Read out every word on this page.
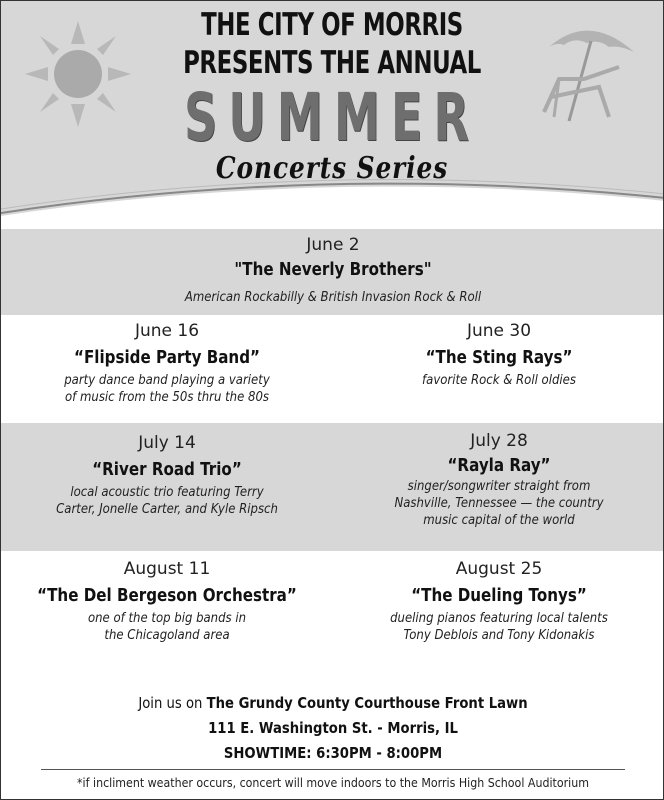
THE CITY OF MORRIS
PRESENTS THE ANNUAL
SUMMER
Concerts Series
June 2
"The Neverly Brothers"
American Rockabilly & British Invasion Rock & Roll
June 16
“Flipside Party Band”
party dance band playing a variety
of music from the 50s thru the 80s
June 30
“The Sting Rays”
favorite Rock & Roll oldies
July 14
“River Road Trio”
local acoustic trio featuring Terry
Carter, Jonelle Carter, and Kyle Ripsch
July 28
“Rayla Ray”
singer/songwriter straight from
Nashville, Tennessee — the country
music capital of the world
August 11
“The Del Bergeson Orchestra”
one of the top big bands in
the Chicagoland area
August 25
“The Dueling Tonys”
dueling pianos featuring local talents
Tony Deblois and Tony Kidonakis
Join us on The Grundy County Courthouse Front Lawn
111 E. Washington St. - Morris, IL
SHOWTIME: 6:30PM - 8:00PM
*if incliment weather occurs, concert will move indoors to the Morris High School Auditorium
